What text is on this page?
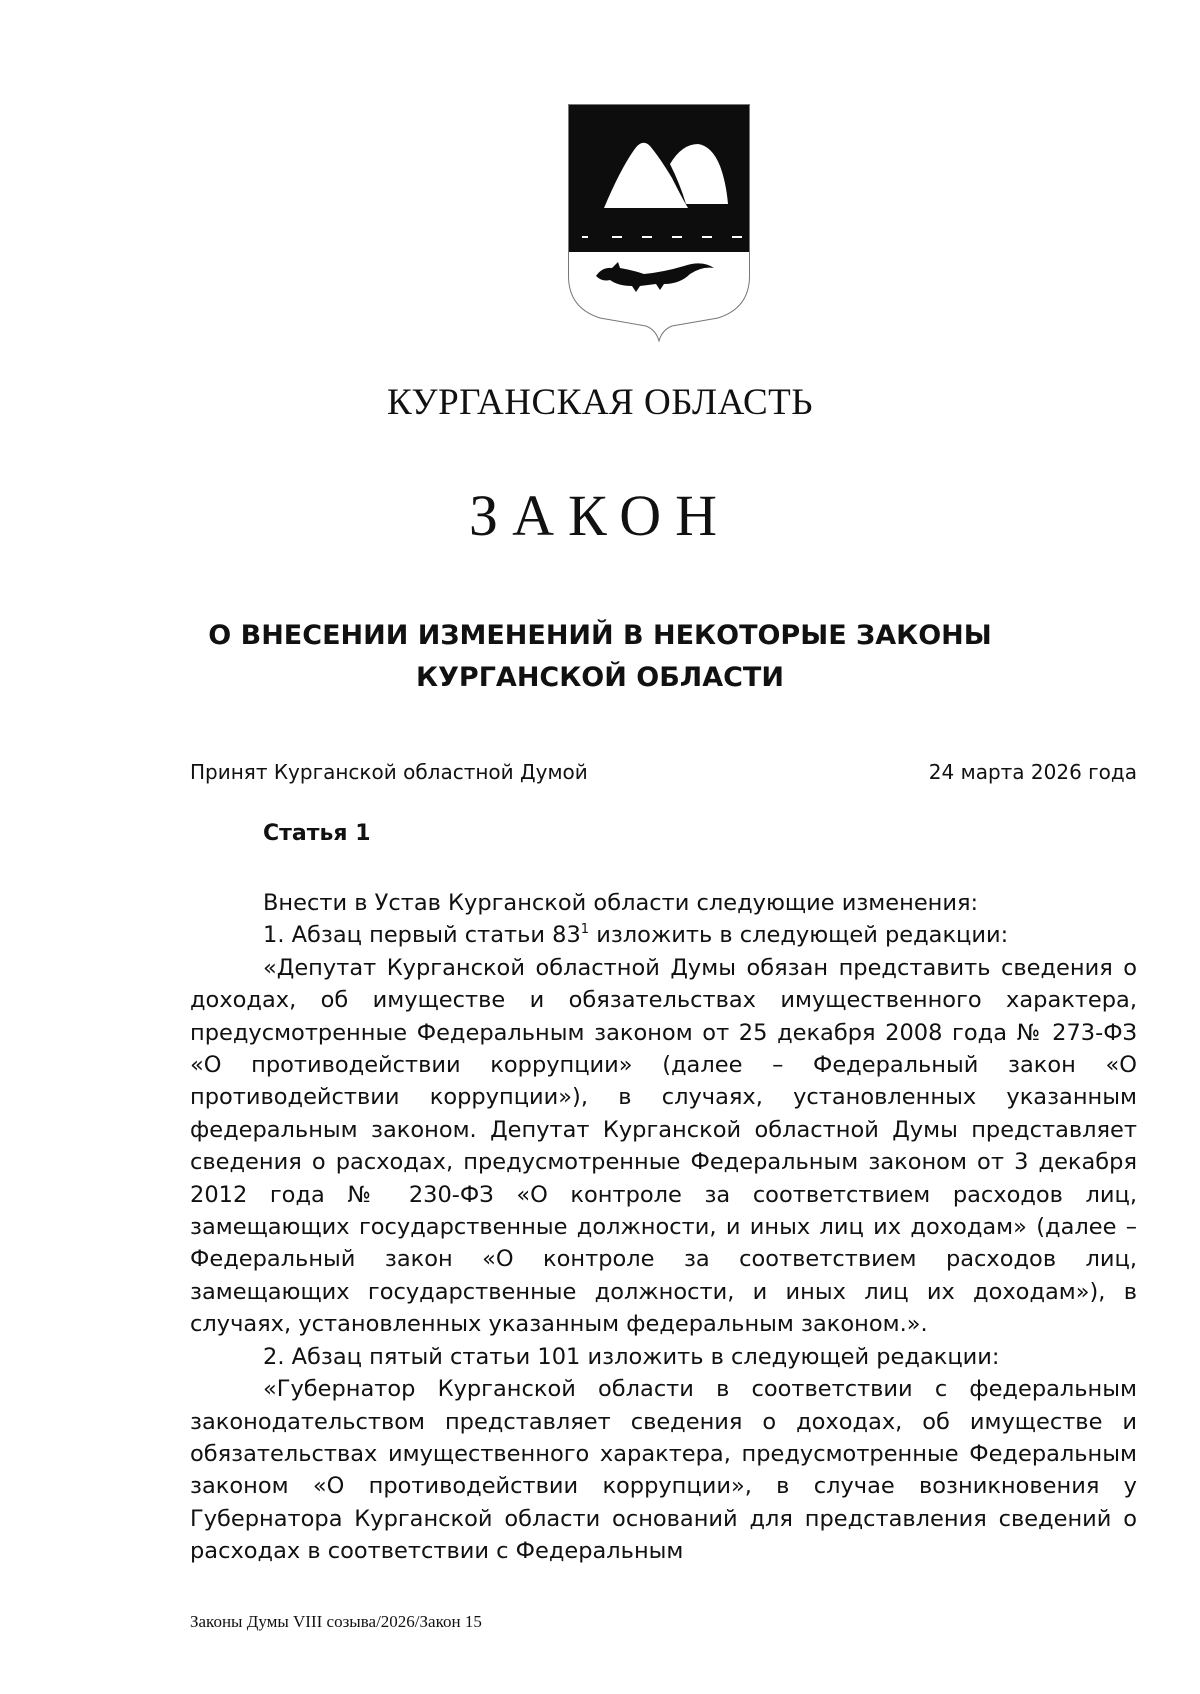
КУРГАНСКАЯ ОБЛАСТЬ
ЗАКОН
О ВНЕСЕНИИ ИЗМЕНЕНИЙ В НЕКОТОРЫЕ ЗАКОНЫ
КУРГАНСКОЙ ОБЛАСТИ
Принят Курганской областной Думой	24 марта 2026 года
Статья 1

Внести в Устав Курганской области следующие изменения:

1. Абзац первый статьи $83^1$ изложить в следующей редакции:

«Депутат Курганской областной Думы обязан представить сведения о доходах, об имуществе и обязательствах имущественного характера, предусмотренные Федеральным законом от 25 декабря 2008 года № 273-ФЗ «О противодействии коррупции» (далее – Федеральный закон «О противодействии коррупции»), в случаях, установленных указанным федеральным законом. Депутат Курганской областной Думы представляет сведения о расходах, предусмотренные Федеральным законом от 3 декабря 2012 года № 230-ФЗ «О контроле за соответствием расходов лиц, замещающих государственные должности, и иных лиц их доходам» (далее – Федеральный закон «О контроле за соответствием расходов лиц, замещающих государственные должности, и иных лиц их доходам»), в случаях, установленных указанным федеральным законом.».

2. Абзац пятый статьи 101 изложить в следующей редакции:

«Губернатор Курганской области в соответствии с федеральным законодательством представляет сведения о доходах, об имуществе и обязательствах имущественного характера, предусмотренные Федеральным законом «О противодействии коррупции», в случае возникновения у Губернатора Курганской области оснований для представления сведений о расходах в соответствии с Федеральным

Законы Думы VIII созыва/2026/Закон 15
